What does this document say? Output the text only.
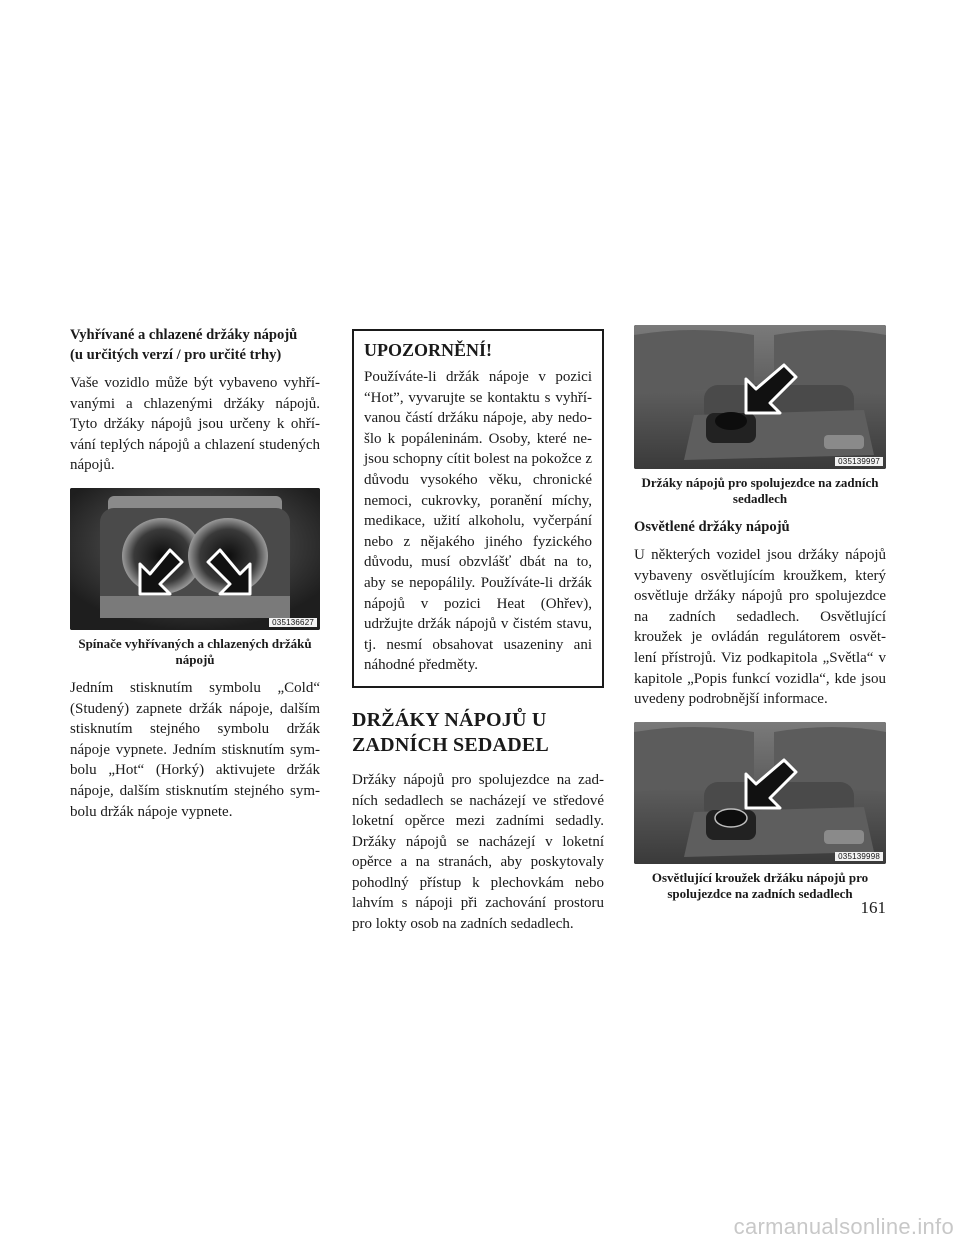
Vyhřívané a chlazené držáky nápojů
(u určitých verzí / pro určité trhy)

Vaše vozidlo může být vybaveno vyhří- vanými a chlazenými držáky nápojů. Tyto držáky nápojů jsou určeny k ohří- vání teplých nápojů a chlazení studených nápojů.

035136627
Spínače vyhřívaných a chlazených držáků nápojů

Jedním stisknutím symbolu „Cold“ (Studený) zapnete držák nápoje, dalším stisknutím stejného symbolu držák nápoje vypnete. Jedním stisknutím sym- bolu „Hot“ (Horký) aktivujete držák nápoje, dalším stisknutím stejného sym- bolu držák nápoje vypnete.

UPOZORNĚNÍ!

Používáte-li držák nápoje v pozici “Hot”, vyvarujte se kontaktu s vyhří- vanou částí držáku nápoje, aby nedo- šlo k popáleninám. Osoby, které ne- jsou schopny cítit bolest na pokožce z důvodu vysokého věku, chronické nemoci, cukrovky, poranění míchy, medikace, užití alkoholu, vyčerpání nebo z nějakého jiného fyzického důvodu, musí obzvlášť dbát na to, aby se nepopálily. Používáte-li držák nápojů v pozici Heat (Ohřev), udržujte držák nápojů v čistém stavu, tj. nesmí obsahovat usazeniny ani náhodné předměty.

DRŽÁKY NÁPOJŮ U
ZADNÍCH SEDADEL

Držáky nápojů pro spolujezdce na zad- ních sedadlech se nacházejí ve středové loketní opěrce mezi zadními sedadly. Držáky nápojů se nacházejí v loketní opěrce a na stranách, aby poskytovaly pohodlný přístup k plechovkám nebo lahvím s nápoji při zachování prostoru pro lokty osob na zadních sedadlech.

035139997
Držáky nápojů pro spolujezdce na zadních sedadlech
Osvětlené držáky nápojů

U některých vozidel jsou držáky nápojů vybaveny osvětlujícím kroužkem, který osvětluje držáky nápojů pro spolujezdce na zadních sedadlech. Osvětlující kroužek je ovládán regulátorem osvět- lení přístrojů. Viz podkapitola „Světla“ v kapitole „Popis funkcí vozidla“, kde jsou uvedeny podrobnější informace.

035139998
Osvětlující kroužek držáku nápojů pro spolujezdce na zadních sedadlech
161
carmanualsonline.info
